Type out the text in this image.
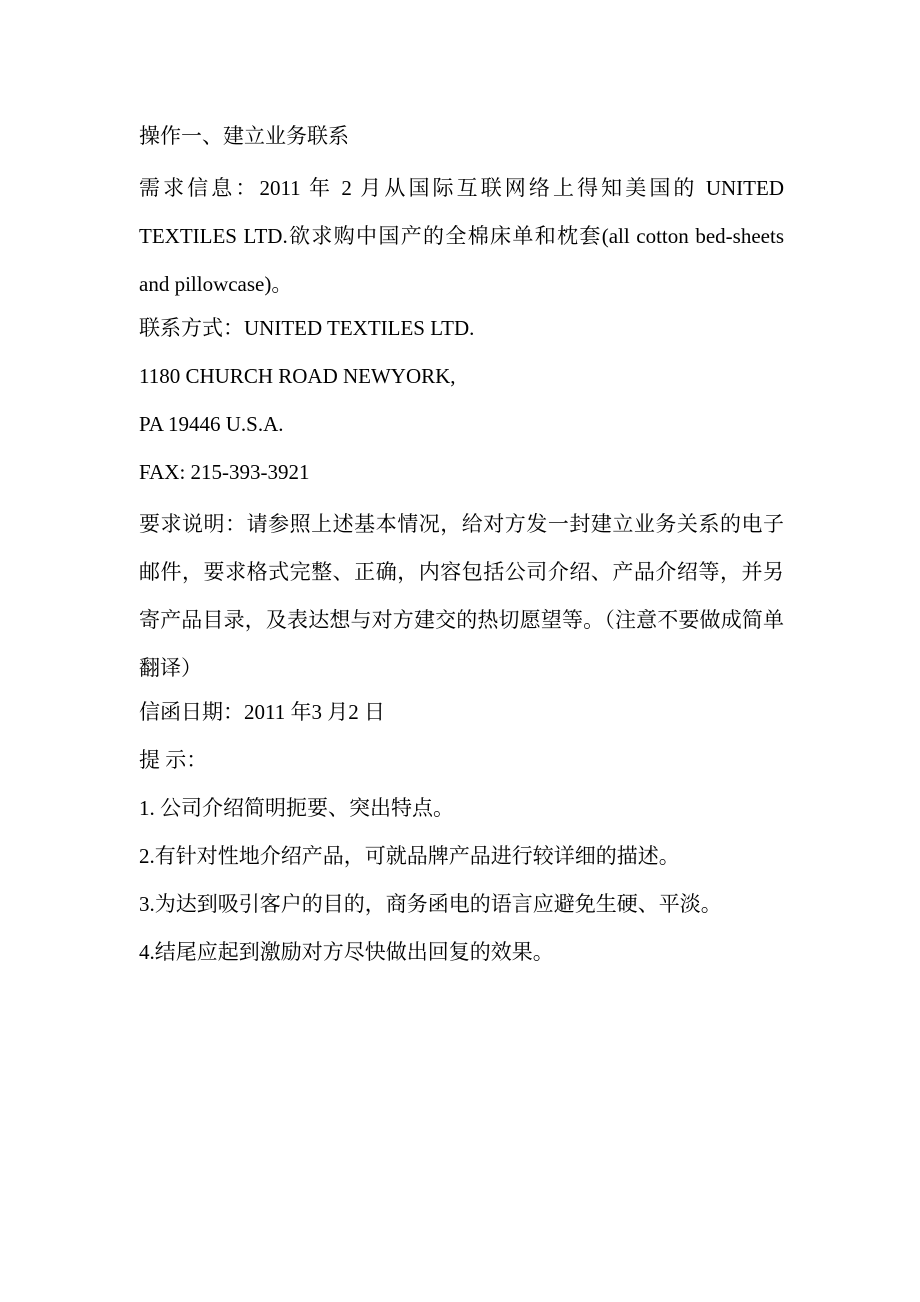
操作一、建立业务联系

需求信息：2011 年 2 月从国际互联网络上得知美国的 UNITED TEXTILES LTD.欲求购中国产的全棉床单和枕套(all cotton bed-sheets and pillowcase)。

联系方式：UNITED TEXTILES LTD.
1180 CHURCH ROAD NEWYORK,
PA 19446 U.S.A.
FAX: 215-393-3921

要求说明：请参照上述基本情况，给对方发一封建立业务关系的电子邮件，要求格式完整、正确，内容包括公司介绍、产品介绍等，并另寄产品目录，及表达想与对方建交的热切愿望等。（注意不要做成简单翻译）

信函日期：2011 年3 月2 日
提 示：
1. 公司介绍简明扼要、突出特点。
2.有针对性地介绍产品，可就品牌产品进行较详细的描述。
3.为达到吸引客户的目的，商务函电的语言应避免生硬、平淡。
4.结尾应起到激励对方尽快做出回复的效果。
